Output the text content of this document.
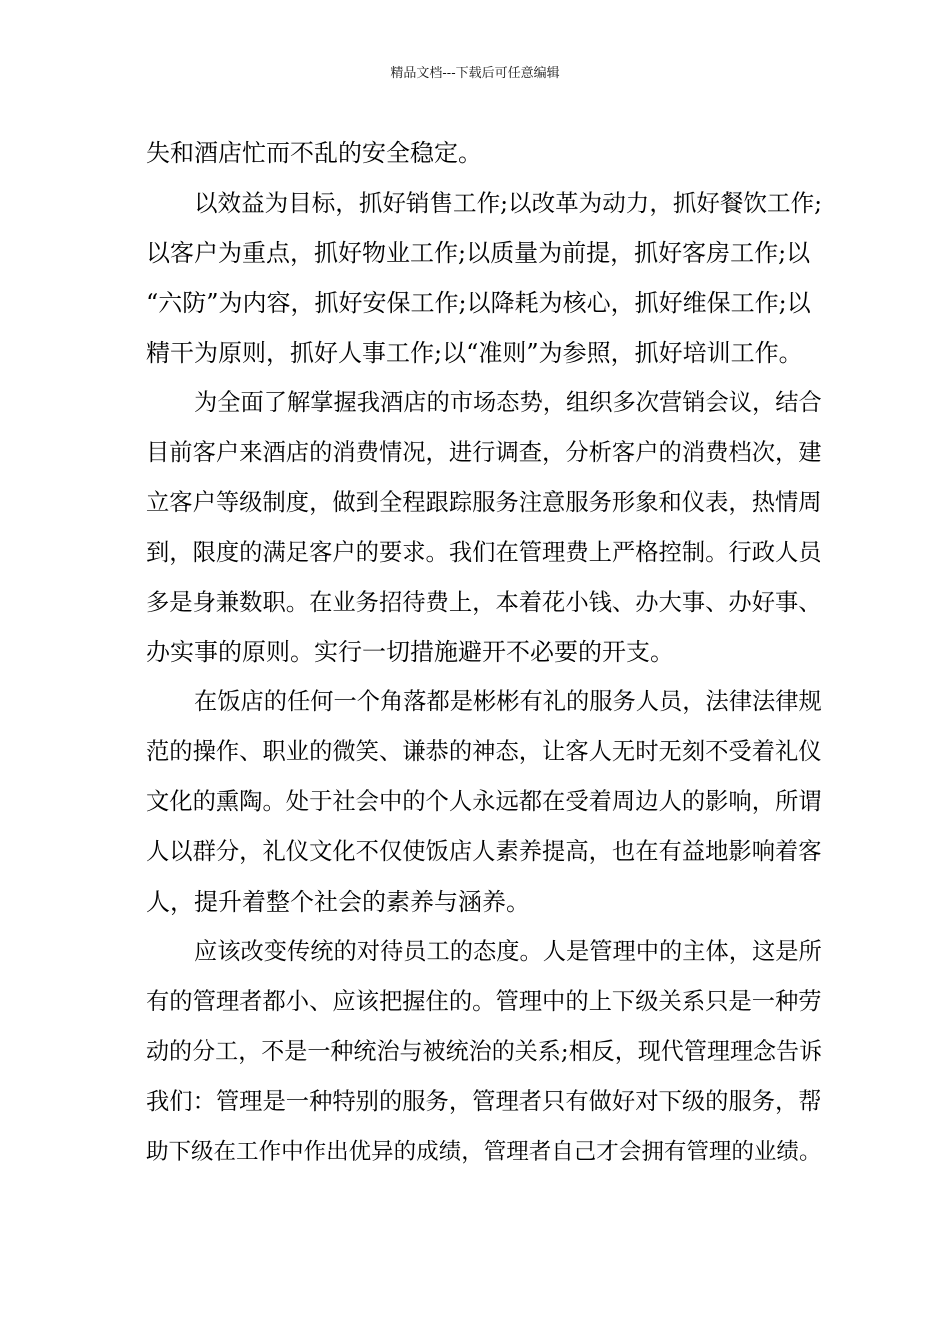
精品文档---下载后可任意编辑
失和酒店忙而不乱的安全稳定。
以效益为目标，抓好销售工作;以改革为动力，抓好餐饮工作;
以客户为重点，抓好物业工作;以质量为前提，抓好客房工作;以
“六防”为内容，抓好安保工作;以降耗为核心，抓好维保工作;以
精干为原则，抓好人事工作;以“准则”为参照，抓好培训工作。
为全面了解掌握我酒店的市场态势，组织多次营销会议，结合
目前客户来酒店的消费情况，进行调查，分析客户的消费档次，建
立客户等级制度，做到全程跟踪服务注意服务形象和仪表，热情周
到，限度的满足客户的要求。我们在管理费上严格控制。行政人员
多是身兼数职。在业务招待费上，本着花小钱、办大事、办好事、
办实事的原则。实行一切措施避开不必要的开支。
在饭店的任何一个角落都是彬彬有礼的服务人员，法律法律规
范的操作、职业的微笑、谦恭的神态，让客人无时无刻不受着礼仪
文化的熏陶。处于社会中的个人永远都在受着周边人的影响，所谓
人以群分，礼仪文化不仅使饭店人素养提高，也在有益地影响着客
人，提升着整个社会的素养与涵养。
应该改变传统的对待员工的态度。人是管理中的主体，这是所
有的管理者都小、应该把握住的。管理中的上下级关系只是一种劳
动的分工，不是一种统治与被统治的关系;相反，现代管理理念告诉
我们：管理是一种特别的服务，管理者只有做好对下级的服务，帮
助下级在工作中作出优异的成绩，管理者自己才会拥有管理的业绩。
